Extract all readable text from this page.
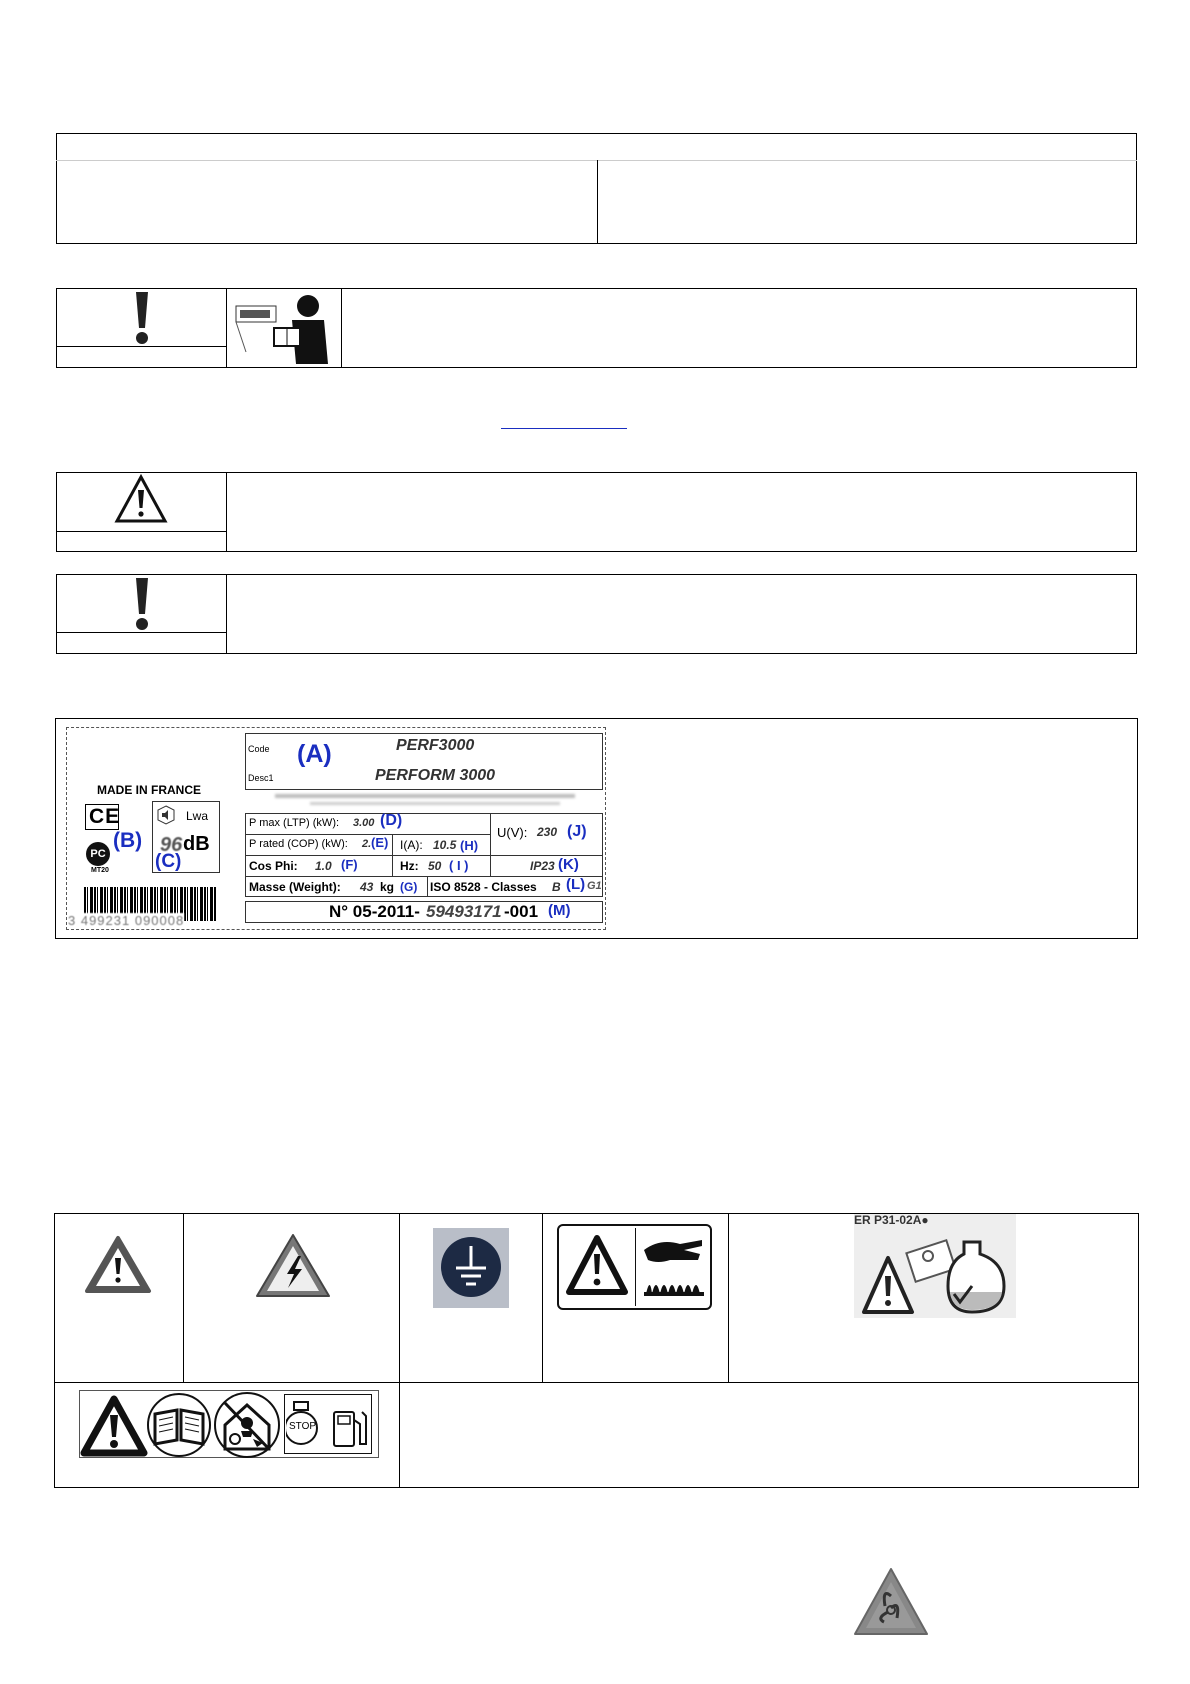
MADE IN FRANCE
Code
Desc1
(A)	PERF3000
PERFORM 3000
CE
PC
(B)
MT20
Lwa
96 dB
(C)
P max (LTP) (kW): 3.00 (D)
P rated (COP) (kW): 2. (E) I(A): 10.5 (H)
U(V): 230 (J)
Cos Phi: 1.0 (F)	Hz: 50 ( I )	IP23 (K)
Masse (Weight): 43 kg (G) ISO 8528 - Classes B (L) G1
N° 05-2011- 59493171 -001 (M)
3 499231 090008
ER P31-02A●
STOP
